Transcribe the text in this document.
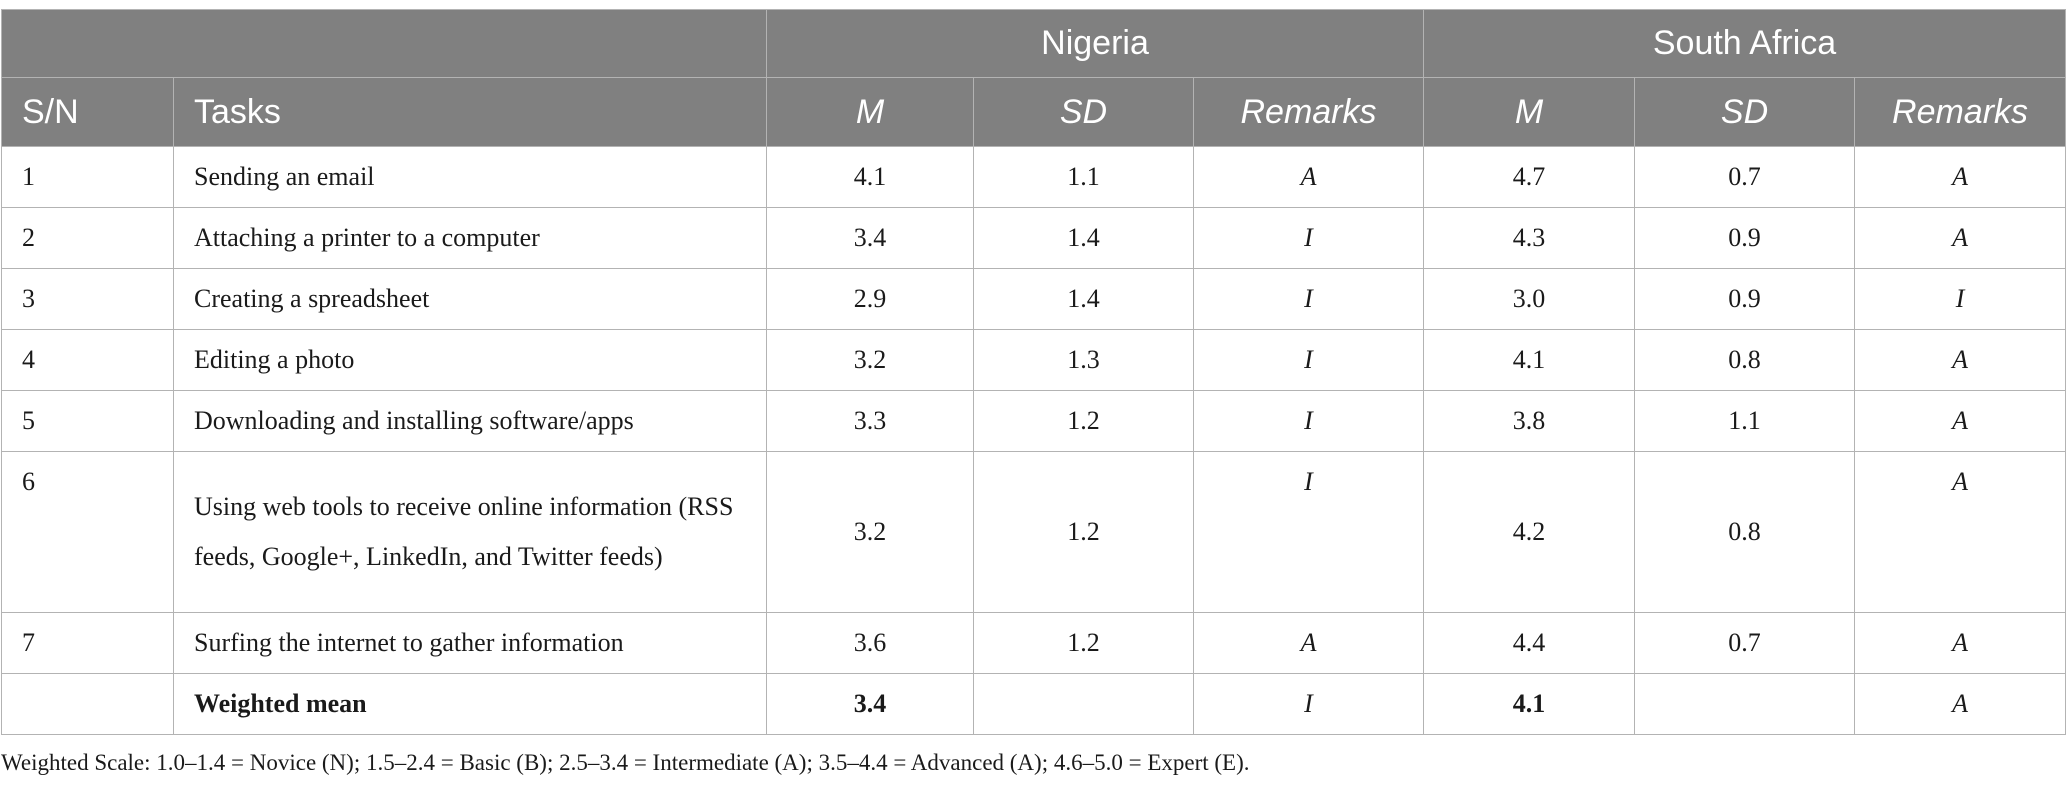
		Nigeria			South Africa		
S/N	Tasks	M	SD	Remarks	M	SD	Remarks
1	Sending an email	4.1	1.1	A	4.7	0.7	A
2	Attaching a printer to a computer	3.4	1.4	I	4.3	0.9	A
3	Creating a spreadsheet	2.9	1.4	I	3.0	0.9	I
4	Editing a photo	3.2	1.3	I	4.1	0.8	A
5	Downloading and installing software/apps	3.3	1.2	I	3.8	1.1	A
6	Using web tools to receive online information (RSS feeds, Google+, LinkedIn, and Twitter feeds)	3.2	1.2	I	4.2	0.8	A
7	Surfing the internet to gather information	3.6	1.2	A	4.4	0.7	A
	Weighted mean	3.4		I	4.1		A
Weighted Scale: 1.0–1.4 = Novice (N); 1.5–2.4 = Basic (B); 2.5–3.4 = Intermediate (A); 3.5–4.4 = Advanced (A); 4.6–5.0 = Expert (E).
